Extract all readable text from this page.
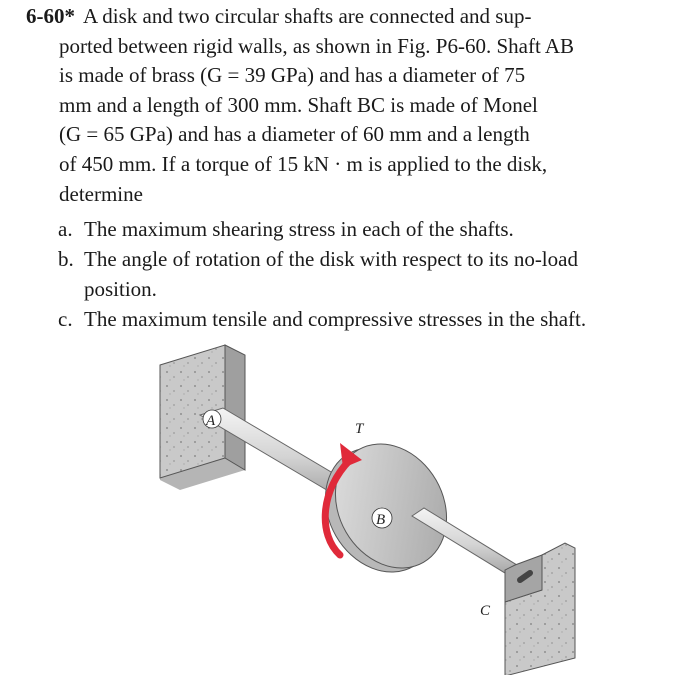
6-60* A disk and two circular shafts are connected and sup-
ported between rigid walls, as shown in Fig. P6-60. Shaft AB
is made of brass (G = 39 GPa) and has a diameter of 75
mm and a length of 300 mm. Shaft BC is made of Monel
(G = 65 GPa) and has a diameter of 60 mm and a length
of 450 mm. If a torque of 15 kN · m is applied to the disk,
determine
a. The maximum shearing stress in each of the shafts.
b. The angle of rotation of the disk with respect to its no-load
position.
c. The maximum tensile and compressive stresses in the shaft.
A	T
B
C
